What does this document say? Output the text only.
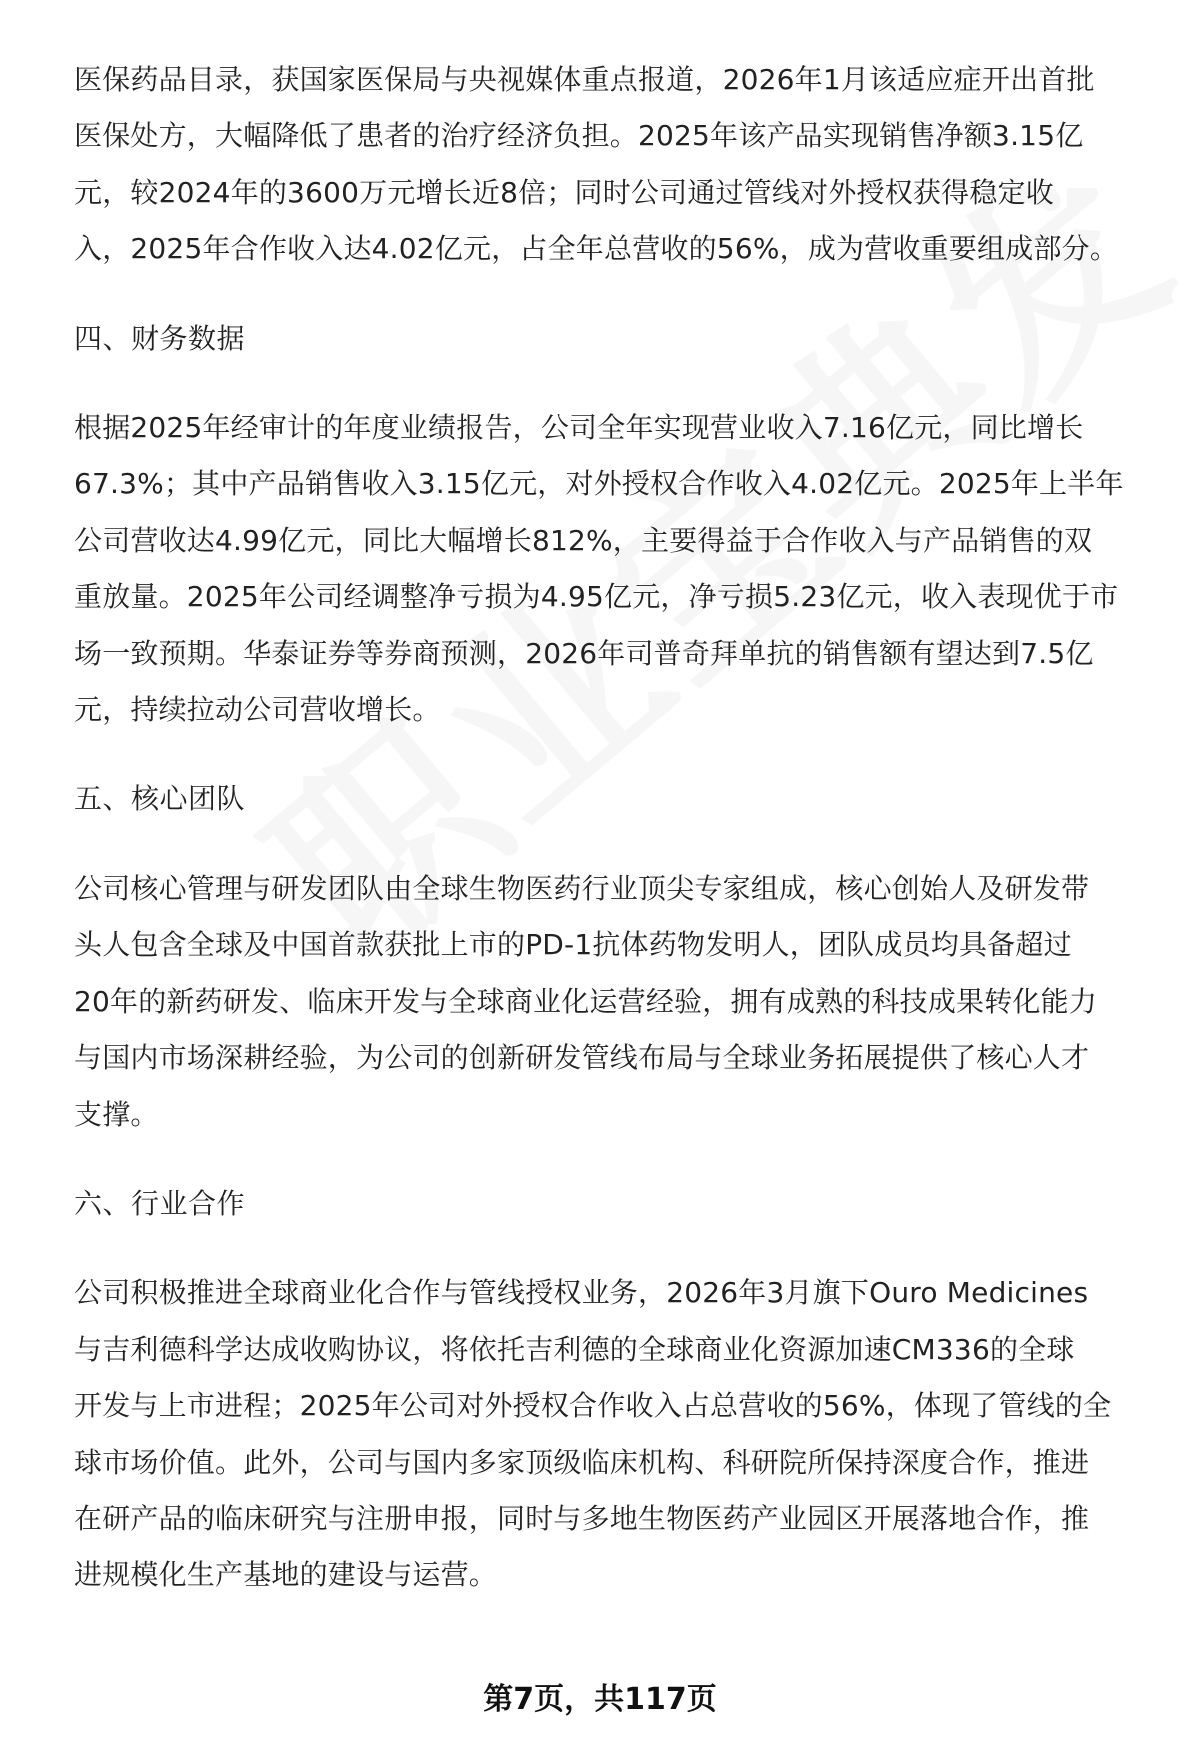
医保药品目录，获国家医保局与央视媒体重点报道，2026年1月该适应症开出首批

医保处方，大幅降低了患者的治疗经济负担。2025年该产品实现销售净额3.15亿

元，较2024年的3600万元增长近8倍；同时公司通过管线对外授权获得稳定收

入，2025年合作收入达4.02亿元，占全年总营收的56%，成为营收重要组成部分。

四、财务数据

根据2025年经审计的年度业绩报告，公司全年实现营业收入7.16亿元，同比增长

67.3%；其中产品销售收入3.15亿元，对外授权合作收入4.02亿元。2025年上半年

公司营收达4.99亿元，同比大幅增长812%，主要得益于合作收入与产品销售的双

重放量。2025年公司经调整净亏损为4.95亿元，净亏损5.23亿元，收入表现优于市

场一致预期。华泰证券等券商预测，2026年司普奇拜单抗的销售额有望达到7.5亿

元，持续拉动公司营收增长。

五、核心团队

公司核心管理与研发团队由全球生物医药行业顶尖专家组成，核心创始人及研发带

头人包含全球及中国首款获批上市的PD-1抗体药物发明人，团队成员均具备超过

20年的新药研发、临床开发与全球商业化运营经验，拥有成熟的科技成果转化能力

与国内市场深耕经验，为公司的创新研发管线布局与全球业务拓展提供了核心人才

支撑。

六、行业合作

公司积极推进全球商业化合作与管线授权业务，2026年3月旗下Ouro Medicines

与吉利德科学达成收购协议，将依托吉利德的全球商业化资源加速CM336的全球

开发与上市进程；2025年公司对外授权合作收入占总营收的56%，体现了管线的全

球市场价值。此外，公司与国内多家顶级临床机构、科研院所保持深度合作，推进

在研产品的临床研究与注册申报，同时与多地生物医药产业园区开展落地合作，推

进规模化生产基地的建设与运营。

第7页，共117页
